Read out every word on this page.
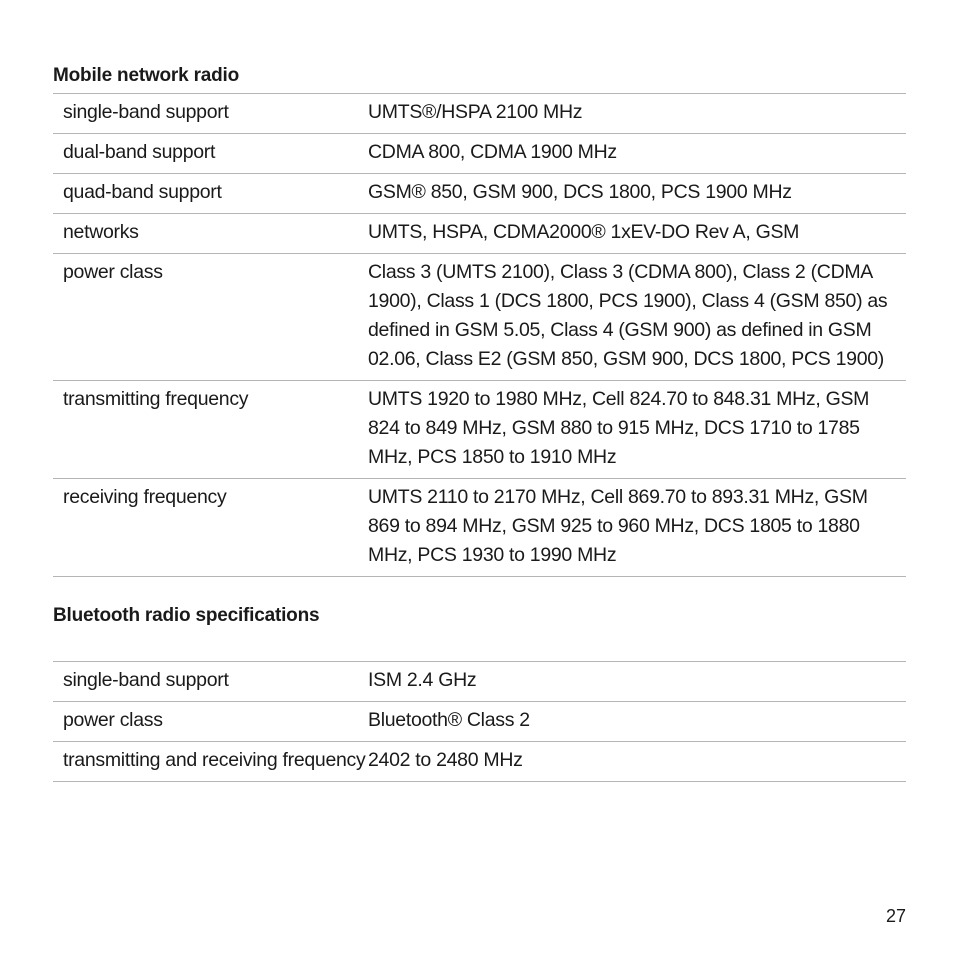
Mobile network radio
single-band support	UMTS®/HSPA 2100 MHz
dual-band support	CDMA 800, CDMA 1900 MHz
quad-band support	GSM® 850, GSM 900, DCS 1800, PCS 1900 MHz
networks	UMTS, HSPA, CDMA2000® 1xEV-DO Rev A, GSM
power class	Class 3 (UMTS 2100), Class 3 (CDMA 800), Class 2 (CDMA 1900), Class 1 (DCS 1800, PCS 1900), Class 4 (GSM 850) as defined in GSM 5.05, Class 4 (GSM 900) as defined in GSM 02.06, Class E2 (GSM 850, GSM 900, DCS 1800, PCS 1900)
transmitting frequency	UMTS 1920 to 1980 MHz, Cell 824.70 to 848.31 MHz, GSM 824 to 849 MHz, GSM 880 to 915 MHz, DCS 1710 to 1785 MHz, PCS 1850 to 1910 MHz
receiving frequency	UMTS 2110 to 2170 MHz, Cell 869.70 to 893.31 MHz, GSM 869 to 894 MHz, GSM 925 to 960 MHz, DCS 1805 to 1880 MHz, PCS 1930 to 1990 MHz
Bluetooth radio specifications
single-band support	ISM 2.4 GHz
power class	Bluetooth® Class 2
transmitting and receiving frequency	2402 to 2480 MHz
27
